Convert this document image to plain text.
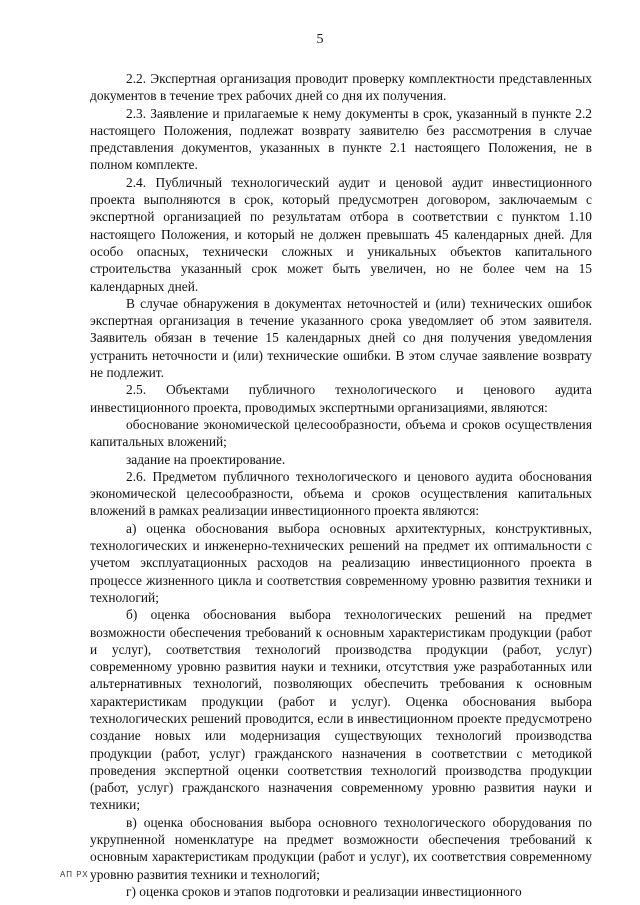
5

2.2. Экспертная организация проводит проверку комплектности представленных документов в течение трех рабочих дней со дня их получения.

2.3. Заявление и прилагаемые к нему документы в срок, указанный в пункте 2.2 настоящего Положения, подлежат возврату заявителю без рассмотрения в случае представления документов, указанных в пункте 2.1 настоящего Положения, не в полном комплекте.

2.4. Публичный технологический аудит и ценовой аудит инвестиционного проекта выполняются в срок, который предусмотрен договором, заключаемым с экспертной организацией по результатам отбора в соответствии с пунктом 1.10 настоящего Положения, и который не должен превышать 45 календарных дней. Для особо опасных, технически сложных и уникальных объектов капитального строительства указанный срок может быть увеличен, но не более чем на 15 календарных дней.

В случае обнаружения в документах неточностей и (или) технических ошибок экспертная организация в течение указанного срока уведомляет об этом заявителя. Заявитель обязан в течение 15 календарных дней со дня получения уведомления устранить неточности и (или) технические ошибки. В этом случае заявление возврату не подлежит.

2.5. Объектами публичного технологического и ценового аудита инвестиционного проекта, проводимых экспертными организациями, являются:

обоснование экономической целесообразности, объема и сроков осуществления капитальных вложений;

задание на проектирование.

2.6. Предметом публичного технологического и ценового аудита обоснования экономической целесообразности, объема и сроков осуществления капитальных вложений в рамках реализации инвестиционного проекта являются:

а) оценка обоснования выбора основных архитектурных, конструктивных, технологических и инженерно-технических решений на предмет их оптимальности с учетом эксплуатационных расходов на реализацию инвестиционного проекта в процессе жизненного цикла и соответствия современному уровню развития техники и технологий;

б) оценка обоснования выбора технологических решений на предмет возможности обеспечения требований к основным характеристикам продукции (работ и услуг), соответствия технологий производства продукции (работ, услуг) современному уровню развития науки и техники, отсутствия уже разработанных или альтернативных технологий, позволяющих обеспечить требования к основным характеристикам продукции (работ и услуг). Оценка обоснования выбора технологических решений проводится, если в инвестиционном проекте предусмотрено создание новых или модернизация существующих технологий производства продукции (работ, услуг) гражданского назначения в соответствии с методикой проведения экспертной оценки соответствия технологий производства продукции (работ, услуг) гражданского назначения современному уровню развития науки и техники;

в) оценка обоснования выбора основного технологического оборудования по укрупненной номенклатуре на предмет возможности обеспечения требований к основным характеристикам продукции (работ и услуг), их соответствия современному уровню развития техники и технологий;

г) оценка сроков и этапов подготовки и реализации инвестиционного

АП РХ
